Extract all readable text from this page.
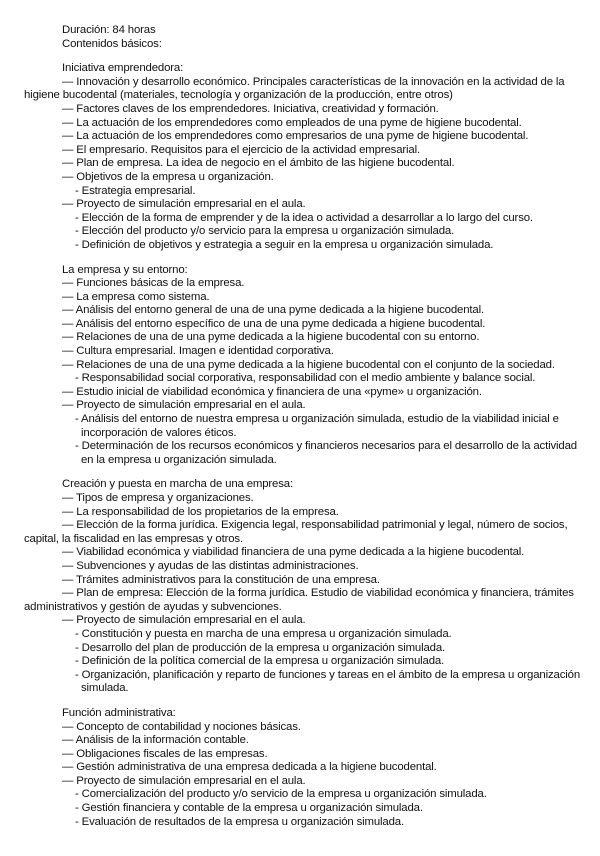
Duración: 84 horas
Contenidos básicos:
Iniciativa emprendedora:
— Innovación y desarrollo económico. Principales características de la innovación en la actividad de la
higiene bucodental (materiales, tecnología y organización de la producción, entre otros)
— Factores claves de los emprendedores. Iniciativa, creatividad y formación.
— La actuación de los emprendedores como empleados de una pyme de higiene bucodental.
— La actuación de los emprendedores como empresarios de una pyme de higiene bucodental.
— El empresario. Requisitos para el ejercicio de la actividad empresarial.
— Plan de empresa. La idea de negocio en el ámbito de las higiene bucodental.
— Objetivos de la empresa u organización.
- Estrategia empresarial.
— Proyecto de simulación empresarial en el aula.
- Elección de la forma de emprender y de la idea o actividad a desarrollar a lo largo del curso.
- Elección del producto y/o servicio para la empresa u organización simulada.
- Definición de objetivos y estrategia a seguir en la empresa u organización simulada.
La empresa y su entorno:
— Funciones básicas de la empresa.
— La empresa como sistema.
— Análisis del entorno general de una de una pyme dedicada a la higiene bucodental.
— Análisis del entorno específico de una de una pyme dedicada a higiene bucodental.
— Relaciones de una de una pyme dedicada a la higiene bucodental con su entorno.
— Cultura empresarial. Imagen e identidad corporativa.
— Relaciones de una de una pyme dedicada a la higiene bucodental con el conjunto de la sociedad.
- Responsabilidad social corporativa, responsabilidad con el medio ambiente y balance social.
— Estudio inicial de viabilidad económica y financiera de una «pyme» u organización.
— Proyecto de simulación empresarial en el aula.
- Análisis del entorno de nuestra empresa u organización simulada, estudio de la viabilidad inicial e
incorporación de valores éticos.
- Determinación de los recursos económicos y financieros necesarios para el desarrollo de la actividad
en la empresa u organización simulada.
Creación y puesta en marcha de una empresa:
— Tipos de empresa y organizaciones.
— La responsabilidad de los propietarios de la empresa.
— Elección de la forma jurídica. Exigencia legal, responsabilidad patrimonial y legal, número de socios,
capital, la fiscalidad en las empresas y otros.
— Viabilidad económica y viabilidad financiera de una pyme dedicada a la higiene bucodental.
— Subvenciones y ayudas de las distintas administraciones.
— Trámites administrativos para la constitución de una empresa.
— Plan de empresa: Elección de la forma jurídica. Estudio de viabilidad económica y financiera, trámites
administrativos y gestión de ayudas y subvenciones.
— Proyecto de simulación empresarial en el aula.
- Constitución y puesta en marcha de una empresa u organización simulada.
- Desarrollo del plan de producción de la empresa u organización simulada.
- Definición de la política comercial de la empresa u organización simulada.
- Organización, planificación y reparto de funciones y tareas en el ámbito de la empresa u organización
simulada.
Función administrativa:
— Concepto de contabilidad y nociones básicas.
— Análisis de la información contable.
— Obligaciones fiscales de las empresas.
— Gestión administrativa de una empresa dedicada a la higiene bucodental.
— Proyecto de simulación empresarial en el aula.
- Comercialización del producto y/o servicio de la empresa u organización simulada.
- Gestión financiera y contable de la empresa u organización simulada.
- Evaluación de resultados de la empresa u organización simulada.
